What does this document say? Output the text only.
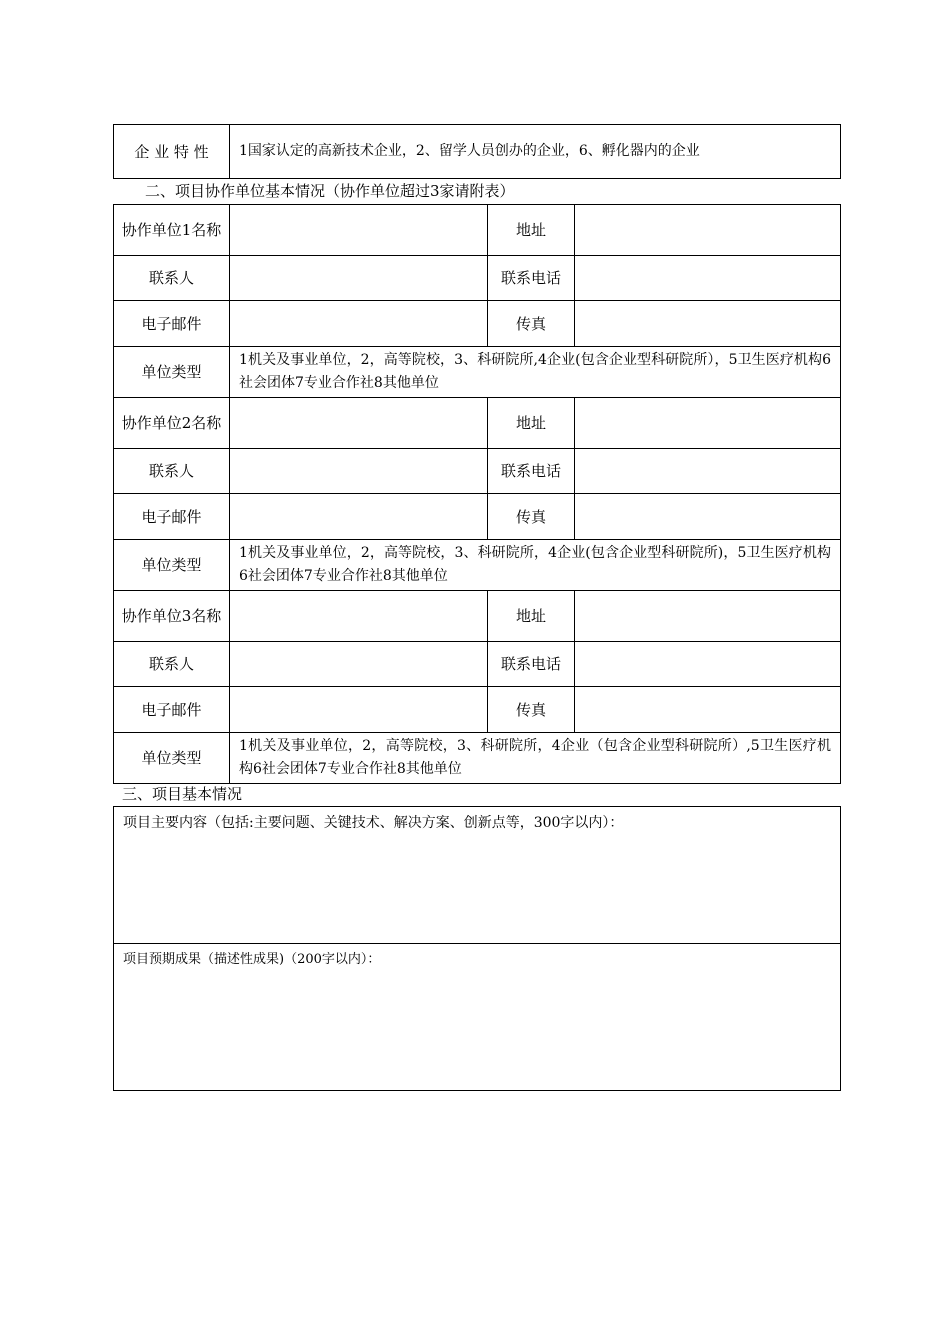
企 业 特 性	1国家认定的高新技术企业，2、留学人员创办的企业，6、孵化器内的企业
二、项目协作单位基本情况（协作单位超过3家请附表）
协作单位1名称		地址	
联系人		联系电话	
电子邮件		传真	
单位类型	1机关及事业单位，2，高等院校，3、科研院所,4企业(包含企业型科研院所），5卫生医疗机构6社会团体7专业合作社8其他单位		
协作单位2名称		地址	
联系人		联系电话	
电子邮件		传真	
单位类型	1机关及事业单位，2，高等院校，3、科研院所，4企业(包含企业型科研院所)，5卫生医疗机构6社会团体7专业合作社8其他单位		
协作单位3名称		地址	
联系人		联系电话	
电子邮件		传真	
单位类型	1机关及事业单位，2，高等院校，3、科研院所，4企业（包含企业型科研院所）,5卫生医疗机构6社会团体7专业合作社8其他单位		
三、项目基本情况
项目主要内容（包括:主要问题、关键技术、解决方案、创新点等，300字以内）：
项目预期成果（描述性成果)（200字以内）：
